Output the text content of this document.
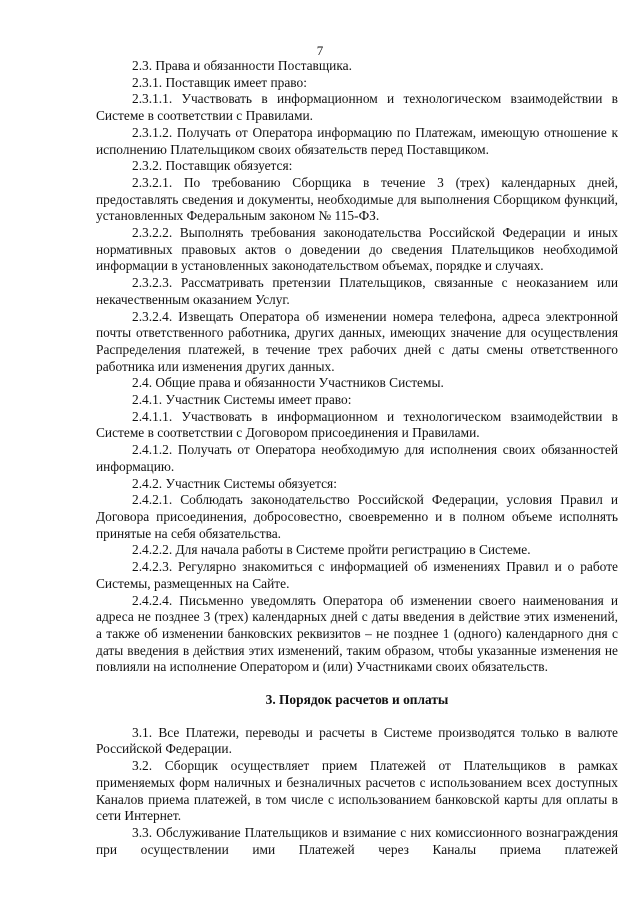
7

2.3. Права и обязанности Поставщика.

2.3.1. Поставщик имеет право:

2.3.1.1. Участвовать в информационном и технологическом взаимодействии в Системе в соответствии с Правилами.

2.3.1.2. Получать от Оператора информацию по Платежам, имеющую отношение к исполнению Плательщиком своих обязательств перед Поставщиком.

2.3.2. Поставщик обязуется:

2.3.2.1. По требованию Сборщика в течение 3 (трех) календарных дней, предоставлять сведения и документы, необходимые для выполнения Сборщиком функций, установленных Федеральным законом № 115-ФЗ.

2.3.2.2. Выполнять требования законодательства Российской Федерации и иных нормативных правовых актов о доведении до сведения Плательщиков необходимой информации в установленных законодательством объемах, порядке и случаях.

2.3.2.3. Рассматривать претензии Плательщиков, связанные с неоказанием или некачественным оказанием Услуг.

2.3.2.4. Извещать Оператора об изменении номера телефона, адреса электронной почты ответственного работника, других данных, имеющих значение для осуществления Распределения платежей, в течение трех рабочих дней с даты смены ответственного работника или изменения других данных.

2.4. Общие права и обязанности Участников Системы.

2.4.1. Участник Системы имеет право:

2.4.1.1. Участвовать в информационном и технологическом взаимодействии в Системе в соответствии с Договором присоединения и Правилами.

2.4.1.2. Получать от Оператора необходимую для исполнения своих обязанностей информацию.

2.4.2. Участник Системы обязуется:

2.4.2.1. Соблюдать законодательство Российской Федерации, условия Правил и Договора присоединения, добросовестно, своевременно и в полном объеме исполнять принятые на себя обязательства.

2.4.2.2. Для начала работы в Системе пройти регистрацию в Системе.

2.4.2.3. Регулярно знакомиться с информацией об изменениях Правил и о работе Системы, размещенных на Сайте.

2.4.2.4. Письменно уведомлять Оператора об изменении своего наименования и адреса не позднее 3 (трех) календарных дней с даты введения в действие этих изменений, а также об изменении банковских реквизитов – не позднее 1 (одного) календарного дня с даты введения в действия этих изменений, таким образом, чтобы указанные изменения не повлияли на исполнение Оператором и (или) Участниками своих обязательств.

3. Порядок расчетов и оплаты

3.1. Все Платежи, переводы и расчеты в Системе производятся только в валюте Российской Федерации.

3.2. Сборщик осуществляет прием Платежей от Плательщиков в рамках применяемых форм наличных и безналичных расчетов с использованием всех доступных Каналов приема платежей, в том числе с использованием банковской карты для оплаты в сети Интернет.

3.3. Обслуживание Плательщиков и взимание с них комиссионного вознаграждения при осуществлении ими Платежей через Каналы приема платежей
